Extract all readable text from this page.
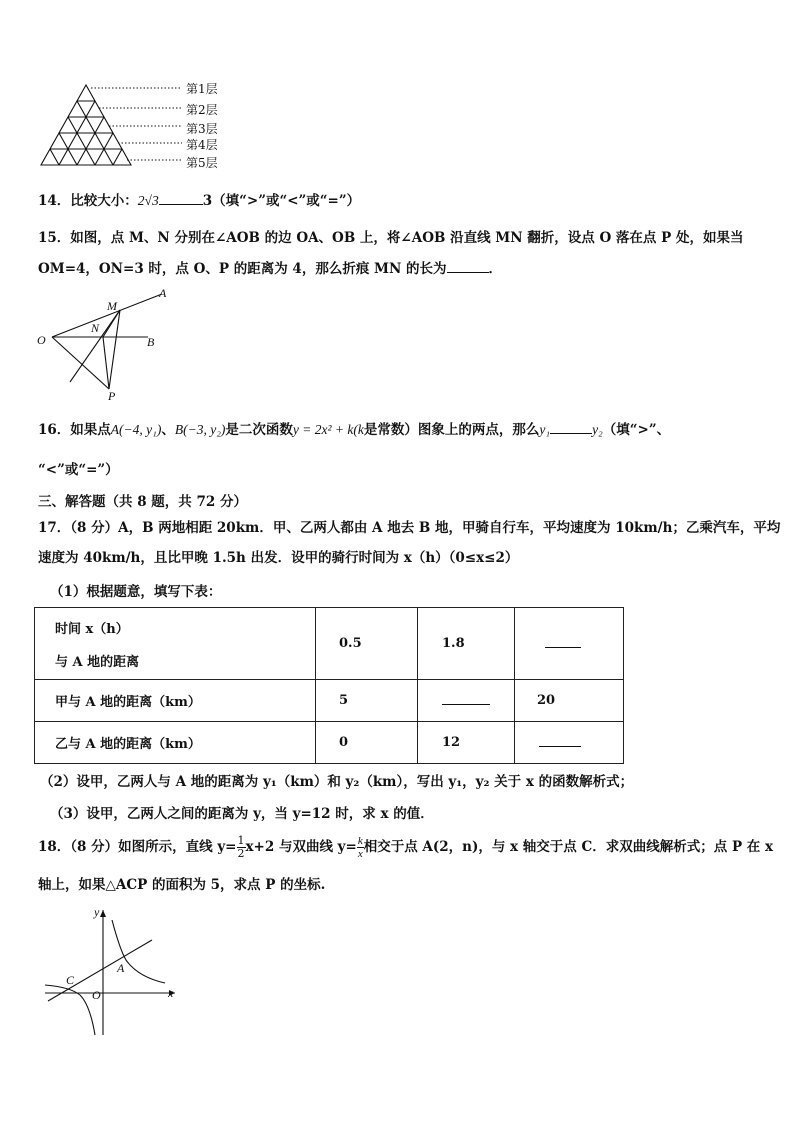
第1层
第2层
第3层
第4层
第5层
14．比较大小：2√3	3（填“>”或“<”或“=”）
15．如图，点 M、N 分别在∠AOB 的边 OA、OB 上，将∠AOB 沿直线 MN 翻折，设点 O 落在点 P 处，如果当
OM=4，ON=3 时，点 O、P 的距离为 4，那么折痕 MN 的长为	．
M
A
N
O	B
P
16．如果点A(−4, y₁)、B(−3, y₂)是二次函数y = 2x² + k(k是常数）图象上的两点，那么y₁	y₂（填“>”、
“<”或“=”）
三、解答题（共 8 题，共 72 分）
17．（8 分）A，B 两地相距 20km．甲、乙两人都由 A 地去 B 地，甲骑自行车，平均速度为 10km/h；乙乘汽车，平均
速度为 40km/h，且比甲晚 1.5h 出发．设甲的骑行时间为 x（h）（0≤x≤2）
（1）根据题意，填写下表：
时间 x（h）
与 A 地的距离	0.5	1.8	
甲与 A 地的距离（km）	5		20
乙与 A 地的距离（km）	0	12	
（2）设甲，乙两人与 A 地的距离为 y₁（km）和 y₂（km），写出 y₁，y₂ 关于 x 的函数解析式；
（3）设甲，乙两人之间的距离为 y，当 y=12 时，求 x 的值．
18．（8 分）如图所示，直线 $y= \frac{1}{2} x+2$ 与双曲线 $y= \frac{k}{x}$ 相交于点 A(2，n)，与 x 轴交于点 C．求双曲线解析式；点 P 在 x
轴上，如果△ACP 的面积为 5，求点 P 的坐标.
y
x
C
A
O
